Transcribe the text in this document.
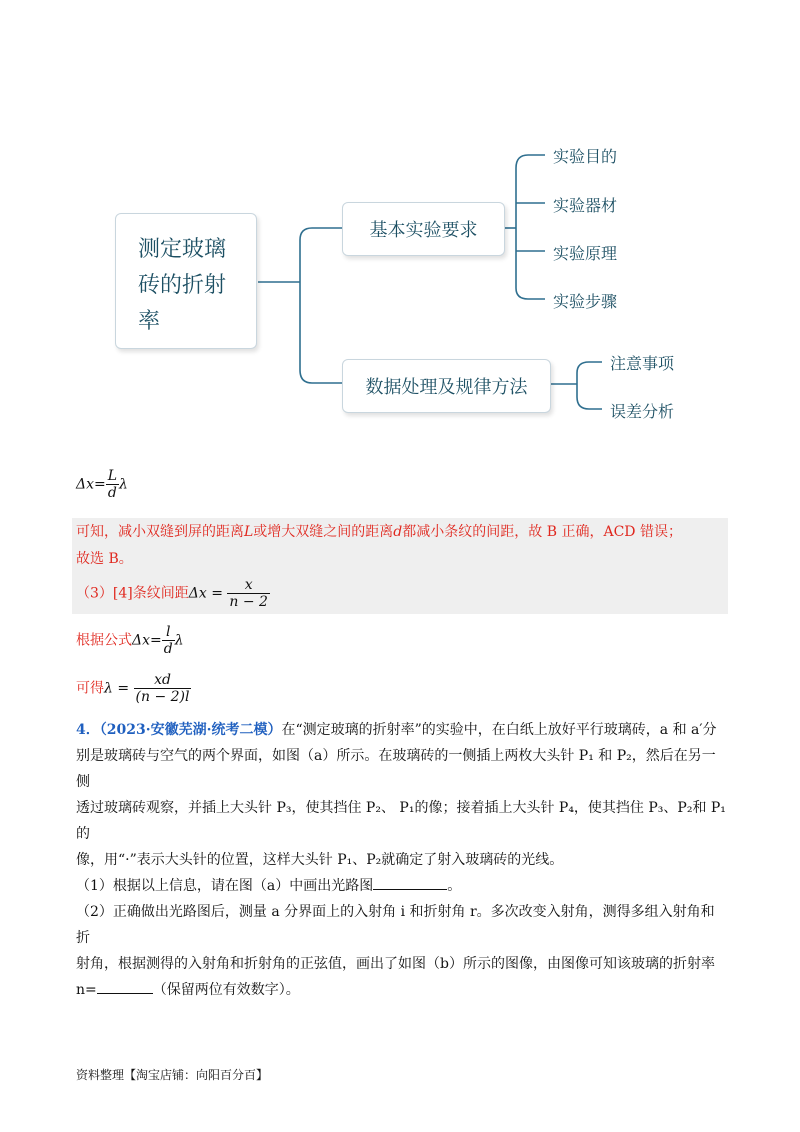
测定玻璃
砖的折射
率
基本实验要求
数据处理及规律方法
实验目的
实验器材
实验原理
实验步骤
注意事项
误差分析
$\Delta x= \frac{L}{d}$ λ
可知，减小双缝到屏的距离L或增大双缝之间的距离d都减小条纹的间距，故 B 正确，ACD 错误；
故选 B。
（3）[4]条纹间距$\Delta x = \frac{x}{n - 2}$
根据公式$\Delta x= \frac{l}{d}$ λ
可得$\lambda = \frac{xd}{(n - 2)l}$
4．（2023·安徽芜湖·统考二模）在“测定玻璃的折射率”的实验中，在白纸上放好平行玻璃砖，a 和 a′分
别是玻璃砖与空气的两个界面，如图（a）所示。在玻璃砖的一侧插上两枚大头针 P₁ 和 P₂，然后在另一侧
透过玻璃砖观察，并插上大头针 P₃，使其挡住 P₂、 P₁的像；接着插上大头针 P₄，使其挡住 P₃、P₂和 P₁的
像，用“·”表示大头针的位置，这样大头针 P₁、P₂就确定了射入玻璃砖的光线。
（1）根据以上信息，请在图（a）中画出光路图	。
（2）正确做出光路图后，测量 a 分界面上的入射角 i 和折射角 r。多次改变入射角，测得多组入射角和折
射角，根据测得的入射角和折射角的正弦值，画出了如图（b）所示的图像，由图像可知该玻璃的折射率
n=	（保留两位有效数字）。
资料整理【淘宝店铺：向阳百分百】
